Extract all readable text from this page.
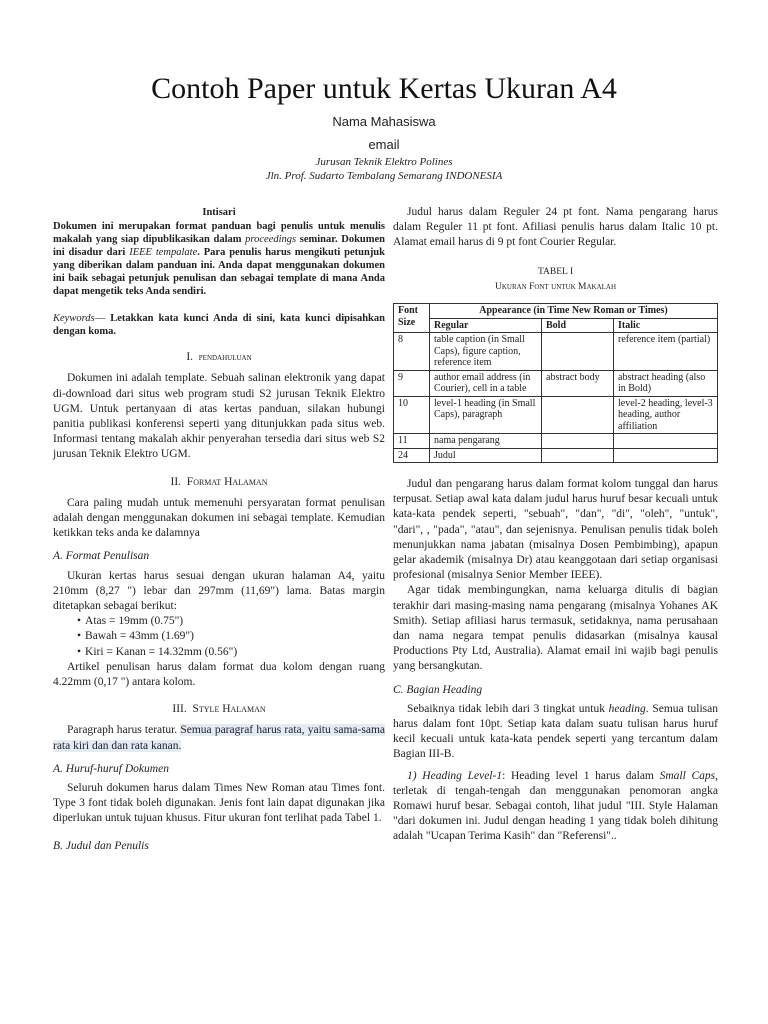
Contoh Paper untuk Kertas Ukuran A4
Nama Mahasiswa
email
Jurusan Teknik Elektro Polines
Jln. Prof. Sudarto Tembalang Semarang INDONESIA
Intisari

Dokumen ini merupakan format panduan bagi penulis untuk menulis makalah yang siap dipublikasikan dalam proceedings seminar. Dokumen ini disadur dari IEEE tempalate. Para penulis harus mengikuti petunjuk yang diberikan dalam panduan ini. Anda dapat menggunakan dokumen ini baik sebagai petunjuk penulisan dan sebagai template di mana Anda dapat mengetik teks Anda sendiri.

Keywords— Letakkan kata kunci Anda di sini, kata kunci dipisahkan dengan koma.

I. pendahuluan

Dokumen ini adalah template. Sebuah salinan elektronik yang dapat di-download dari situs web program studi S2 jurusan Teknik Elektro UGM. Untuk pertanyaan di atas kertas panduan, silakan hubungi panitia publikasi konferensi seperti yang ditunjukkan pada situs web. Informasi tentang makalah akhir penyerahan tersedia dari situs web S2 jurusan Teknik Elektro UGM.

II. Format Halaman

Cara paling mudah untuk memenuhi persyaratan format penulisan adalah dengan menggunakan dokumen ini sebagai template. Kemudian ketikkan teks anda ke dalamnya

A. Format Penulisan

Ukuran kertas harus sesuai dengan ukuran halaman A4, yaitu 210mm (8,27 ") lebar dan 297mm (11,69") lama. Batas margin ditetapkan sebagai berikut:

• Atas = 19mm (0.75")
• Bawah = 43mm (1.69")
• Kiri = Kanan = 14.32mm (0.56")

Artikel penulisan harus dalam format dua kolom dengan ruang 4.22mm (0,17 ") antara kolom.

III. Style Halaman

Paragraph harus teratur. Semua paragraf harus rata, yaitu sama-sama rata kiri dan dan rata kanan.

A. Huruf-huruf Dokumen

Seluruh dokumen harus dalam Times New Roman atau Times font. Type 3 font tidak boleh digunakan. Jenis font lain dapat digunakan jika diperlukan untuk tujuan khusus. Fitur ukuran font terlihat pada Tabel 1.

B. Judul dan Penulis

Judul harus dalam Reguler 24 pt font. Nama pengarang harus dalam Reguler 11 pt font. Afiliasi penulis harus dalam Italic 10 pt. Alamat email harus di 9 pt font Courier Regular.

TABEL I
Ukuran Font untuk Makalah
Font Size	Appearance (in Time New Roman or Times)		
	Regular	Bold	Italic
8	table caption (in Small Caps), figure caption, reference item		reference item (partial)
9	author email address (in Courier), cell in a table	abstract body	abstract heading (also in Bold)
10	level-1 heading (in Small Caps), paragraph		level-2 heading, level-3 heading, author affiliation
11	nama pengarang		
24	Judul		

Judul dan pengarang harus dalam format kolom tunggal dan harus terpusat. Setiap awal kata dalam judul harus huruf besar kecuali untuk kata-kata pendek seperti, "sebuah", "dan", "di", "oleh", "untuk", "dari", , "pada", "atau", dan sejenisnya. Penulisan penulis tidak boleh menunjukkan nama jabatan (misalnya Dosen Pembimbing), apapun gelar akademik (misalnya Dr) atau keanggotaan dari setiap organisasi profesional (misalnya Senior Member IEEE).

Agar tidak membingungkan, nama keluarga ditulis di bagian terakhir dari masing-masing nama pengarang (misalnya Yohanes AK Smith). Setiap afiliasi harus termasuk, setidaknya, nama perusahaan dan nama negara tempat penulis didasarkan (misalnya kausal Productions Pty Ltd, Australia). Alamat email ini wajib bagi penulis yang bersangkutan.

C. Bagian Heading

Sebaiknya tidak lebih dari 3 tingkat untuk heading. Semua tulisan harus dalam font 10pt. Setiap kata dalam suatu tulisan harus huruf kecil kecuali untuk kata-kata pendek seperti yang tercantum dalam Bagian III-B.

1) Heading Level-1: Heading level 1 harus dalam Small Caps, terletak di tengah-tengah dan menggunakan penomoran angka Romawi huruf besar. Sebagai contoh, lihat judul "III. Style Halaman "dari dokumen ini. Judul dengan heading 1 yang tidak boleh dihitung adalah "Ucapan Terima Kasih" dan "Referensi"..
